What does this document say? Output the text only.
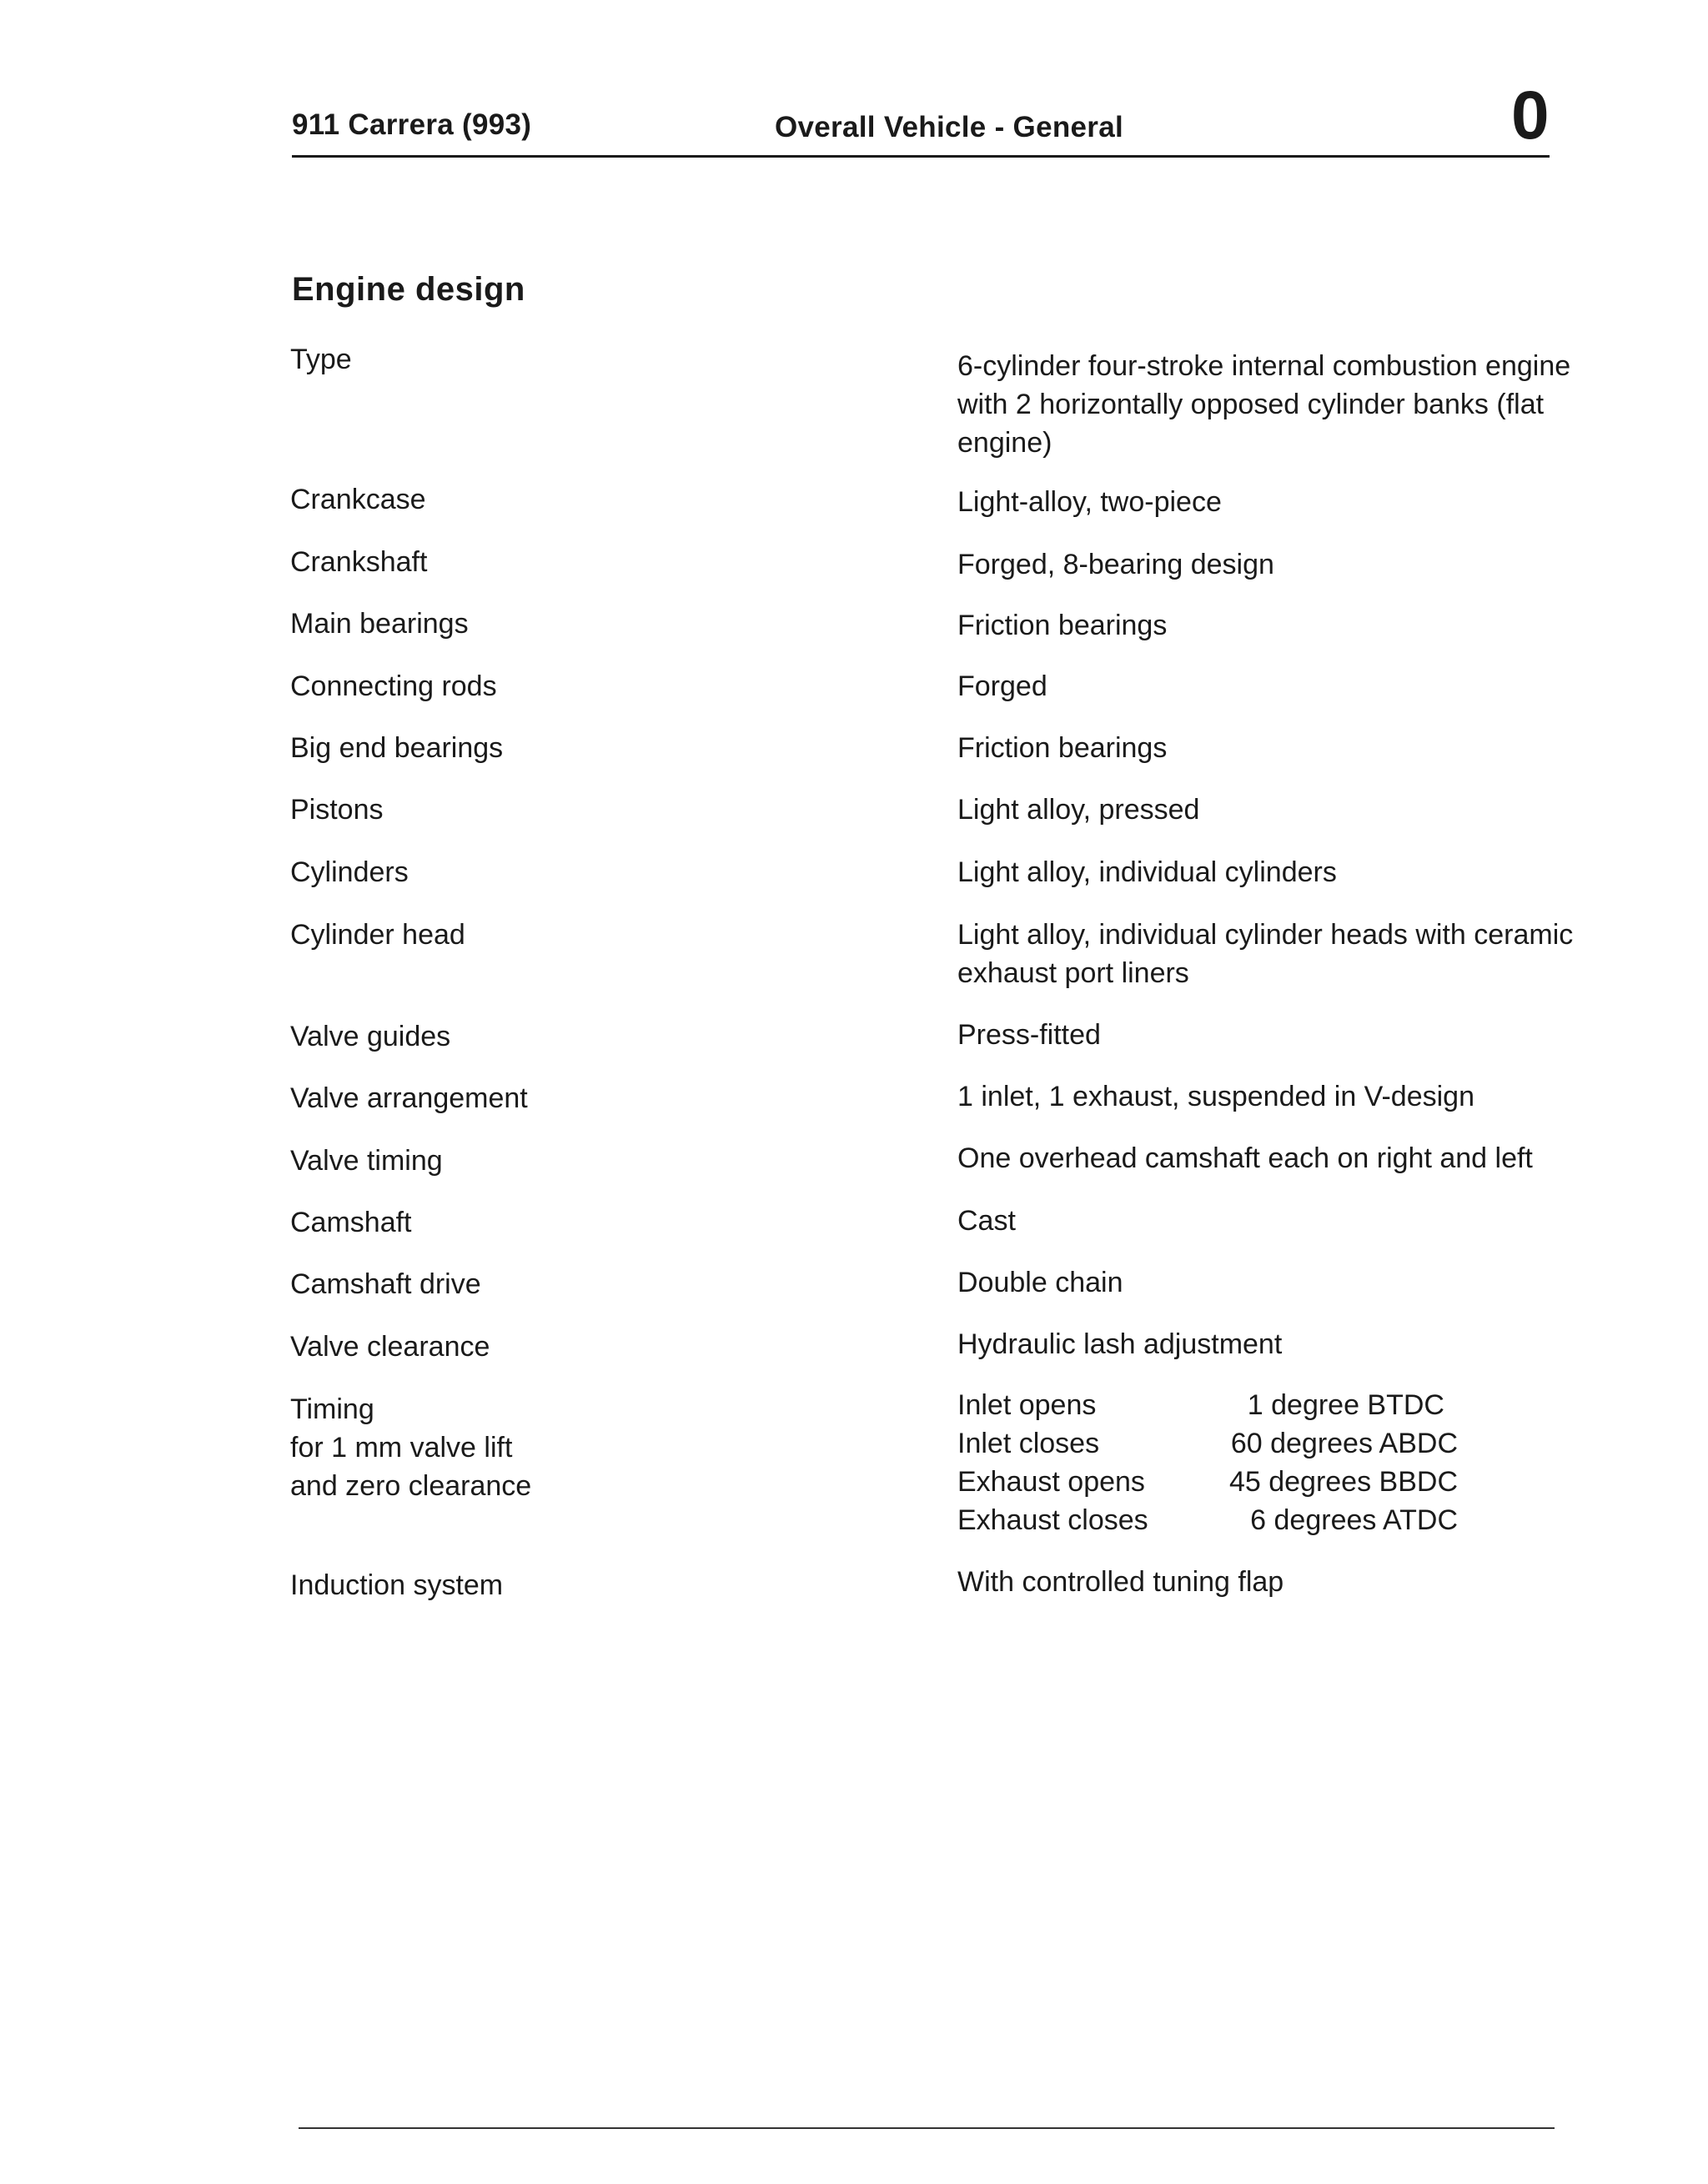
911 Carrera (993)	Overall Vehicle - General	0
Engine design
Type	6-cylinder four-stroke internal combustion engine
with 2 horizontally opposed cylinder banks (flat
engine)
Crankcase	Light-alloy, two-piece
Crankshaft	Forged, 8-bearing design
Main bearings	Friction bearings
Connecting rods	Forged
Big end bearings	Friction bearings
Pistons	Light alloy, pressed
Cylinders	Light alloy, individual cylinders
Cylinder head	Light alloy, individual cylinder heads with ceramic
exhaust port liners
Valve guides	Press-fitted
Valve arrangement	1 inlet, 1 exhaust, suspended in V-design
Valve timing	One overhead camshaft each on right and left
Camshaft	Cast
Camshaft drive	Double chain
Valve clearance	Hydraulic lash adjustment
Timing
for 1 mm valve lift
and zero clearance
Inlet opens	1 degree BTDC
Inlet closes	60 degrees ABDC
Exhaust opens	45 degrees BBDC
Exhaust closes	6 degrees ATDC
Induction system	With controlled tuning flap
